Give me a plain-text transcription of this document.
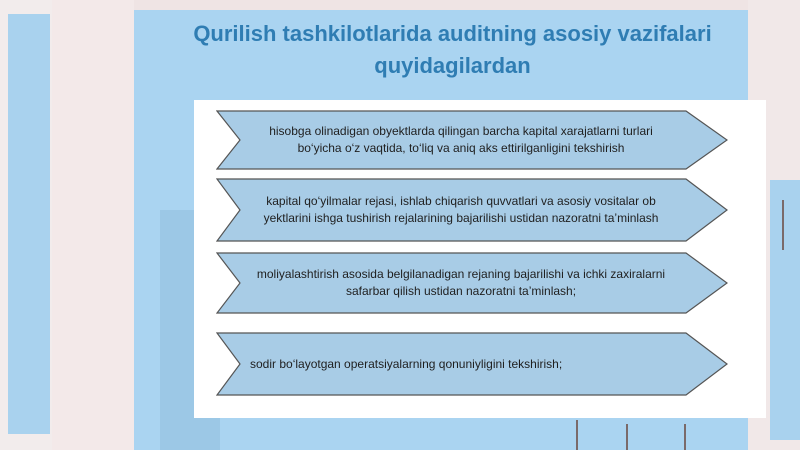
Qurilish tashkilotlarida auditning asosiy vazifalari
quyidagilardan
hisobga olinadigan obyektlarda qilingan barcha kapital xarajatlarni turlari bo‘yicha o‘z vaqtida, to‘liq va aniq aks ettirilganligini tekshirish
kapital qo‘yilmalar rejasi, ishlab chiqarish quvvatlari va asosiy vositalar ob yektlarini ishga tushirish rejalarining bajarilishi ustidan nazoratni ta’minlash
moliyalashtirish asosida belgilanadigan rejaning bajarilishi va ichki zaxiralarni safarbar qilish ustidan nazoratni ta’minlash;
sodir bo‘layotgan operatsiyalarning qonuniyligini tekshirish;
